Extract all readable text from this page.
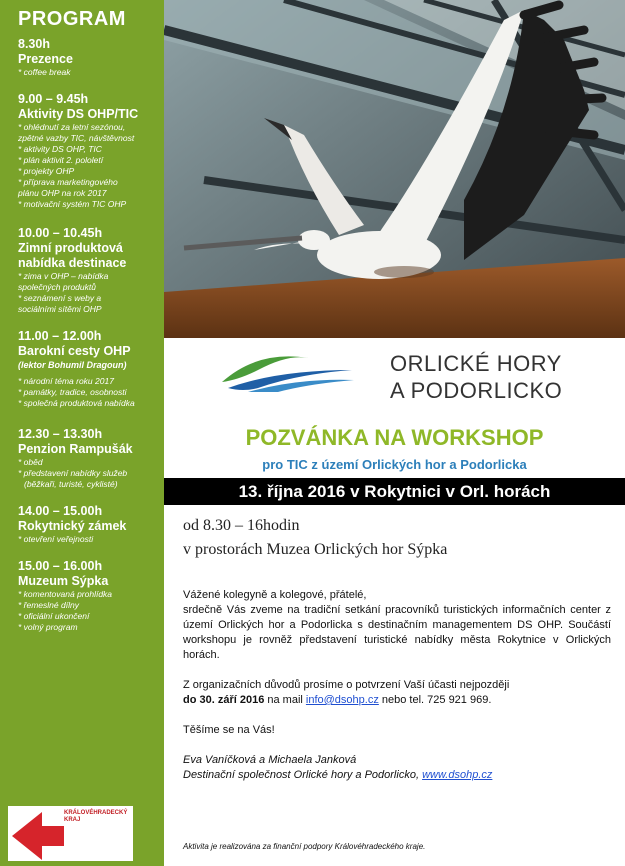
PROGRAM
8.30h
Prezence
* coffee break
9.00 – 9.45h
Aktivity DS OHP/TIC
* ohlédnutí za letní sezónou,
zpětné vazby TIC, návštěvnost
* aktivity DS OHP, TIC
* plán aktivit 2. pololetí
* projekty OHP
* příprava marketingového
plánu OHP na rok 2017
* motivační systém TIC OHP
10.00 – 10.45h
Zimní produktová nabídka destinace
* zima v OHP – nabídka
společných produktů
* seznámení s weby a
sociálními sítěmi OHP
11.00 – 12.00h
Barokní cesty OHP
(lektor Bohumil Dragoun)
* národní téma roku 2017
* památky, tradice, osobnosti
* společná produktová nabídka
12.30 – 13.30h
Penzion Rampušák
* oběd
* představení nabídky služeb
(běžkaři, turisté, cyklisté)
14.00 – 15.00h
Rokytnický zámek
* otevření veřejnosti
15.00 – 16.00h
Muzeum Sýpka
* komentovaná prohlídka
* řemeslné dílny
* oficiální ukončení
* volný program
KRÁLOVÉHRADECKÝ
KRAJ
ORLICKÉ HORY
A PODORLICKO
POZVÁNKA NA WORKSHOP
pro TIC z území Orlických hor a Podorlicka
13. října 2016 v Rokytnici v Orl. horách
od 8.30 – 16hodin
v prostorách Muzea Orlických hor Sýpka

Vážené kolegyně a kolegové, přátelé,

srdečně Vás zveme na tradiční setkání pracovníků turistických informačních center z území Orlických hor a Podorlicka s destinačním managementem DS OHP. Součástí workshopu je rovněž představení turistické nabídky města Rokytnice v Orlických horách.

Z organizačních důvodů prosíme o potvrzení Vaší účasti nejpozději

do 30. září 2016 na mail info@dsohp.cz nebo tel. 725 921 969.

Těšíme se na Vás!

Eva Vaníčková a Michaela Janková

Destinační společnost Orlické hory a Podorlicko, www.dsohp.cz

Aktivita je realizována za finanční podpory Královéhradeckého kraje.
